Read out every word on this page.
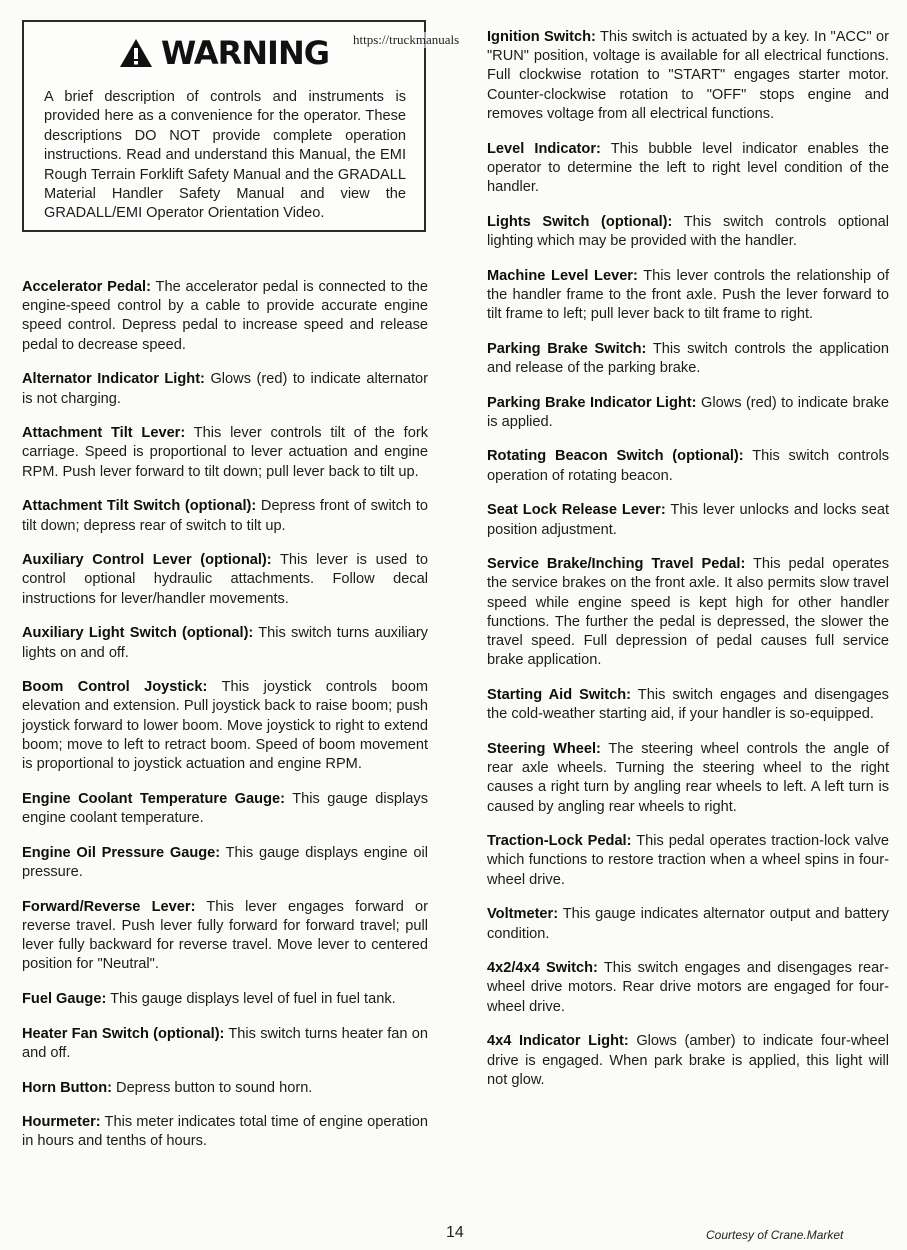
WARNING

A brief description of controls and instruments is provided here as a convenience for the operator. These descriptions DO NOT provide complete operation instructions. Read and understand this Manual, the EMI Rough Terrain Forklift Safety Manual and the GRADALL Material Handler Safety Manual and view the GRADALL/EMI Operator Orientation Video.

Accelerator Pedal: The accelerator pedal is connected to the engine-speed control by a cable to provide accurate engine speed control. Depress pedal to increase speed and release pedal to decrease speed.

Alternator Indicator Light: Glows (red) to indicate alternator is not charging.

Attachment Tilt Lever: This lever controls tilt of the fork carriage. Speed is proportional to lever actuation and engine RPM. Push lever forward to tilt down; pull lever back to tilt up.

Attachment Tilt Switch (optional): Depress front of switch to tilt down; depress rear of switch to tilt up.

Auxiliary Control Lever (optional): This lever is used to control optional hydraulic attachments. Follow decal instructions for lever/handler movements.

Auxiliary Light Switch (optional): This switch turns auxiliary lights on and off.

Boom Control Joystick: This joystick controls boom elevation and extension. Pull joystick back to raise boom; push joystick forward to lower boom. Move joystick to right to extend boom; move to left to retract boom. Speed of boom movement is proportional to joystick actuation and engine RPM.

Engine Coolant Temperature Gauge: This gauge displays engine coolant temperature.

Engine Oil Pressure Gauge: This gauge displays engine oil pressure.

Forward/Reverse Lever: This lever engages forward or reverse travel. Push lever fully forward for forward travel; pull lever fully backward for reverse travel. Move lever to centered position for "Neutral".

Fuel Gauge: This gauge displays level of fuel in fuel tank.

Heater Fan Switch (optional): This switch turns heater fan on and off.

Horn Button: Depress button to sound horn.

Hourmeter: This meter indicates total time of engine operation in hours and tenths of hours.

Ignition Switch: This switch is actuated by a key. In "ACC" or "RUN" position, voltage is available for all electrical functions. Full clockwise rotation to "START" engages starter motor. Counter-clockwise rotation to "OFF" stops engine and removes voltage from all electrical functions.

Level Indicator: This bubble level indicator enables the operator to determine the left to right level condition of the handler.

Lights Switch (optional): This switch controls optional lighting which may be provided with the handler.

Machine Level Lever: This lever controls the relationship of the handler frame to the front axle. Push the lever forward to tilt frame to left; pull lever back to tilt frame to right.

Parking Brake Switch: This switch controls the application and release of the parking brake.

Parking Brake Indicator Light: Glows (red) to indicate brake is applied.

Rotating Beacon Switch (optional): This switch controls operation of rotating beacon.

Seat Lock Release Lever: This lever unlocks and locks seat position adjustment.

Service Brake/Inching Travel Pedal: This pedal operates the service brakes on the front axle. It also permits slow travel speed while engine speed is kept high for other handler functions. The further the pedal is depressed, the slower the travel speed. Full depression of pedal causes full service brake application.

Starting Aid Switch: This switch engages and disengages the cold-weather starting aid, if your handler is so-equipped.

Steering Wheel: The steering wheel controls the angle of rear axle wheels. Turning the steering wheel to the right causes a right turn by angling rear wheels to left. A left turn is caused by angling rear wheels to right.

Traction-Lock Pedal: This pedal operates traction-lock valve which functions to restore traction when a wheel spins in four-wheel drive.

Voltmeter: This gauge indicates alternator output and battery condition.

4x2/4x4 Switch: This switch engages and disengages rear-wheel drive motors. Rear drive motors are engaged for four-wheel drive.

4x4 Indicator Light: Glows (amber) to indicate four-wheel drive is engaged. When park brake is applied, this light will not glow.

https://truckmanuals
14	Courtesy of Crane.Market
